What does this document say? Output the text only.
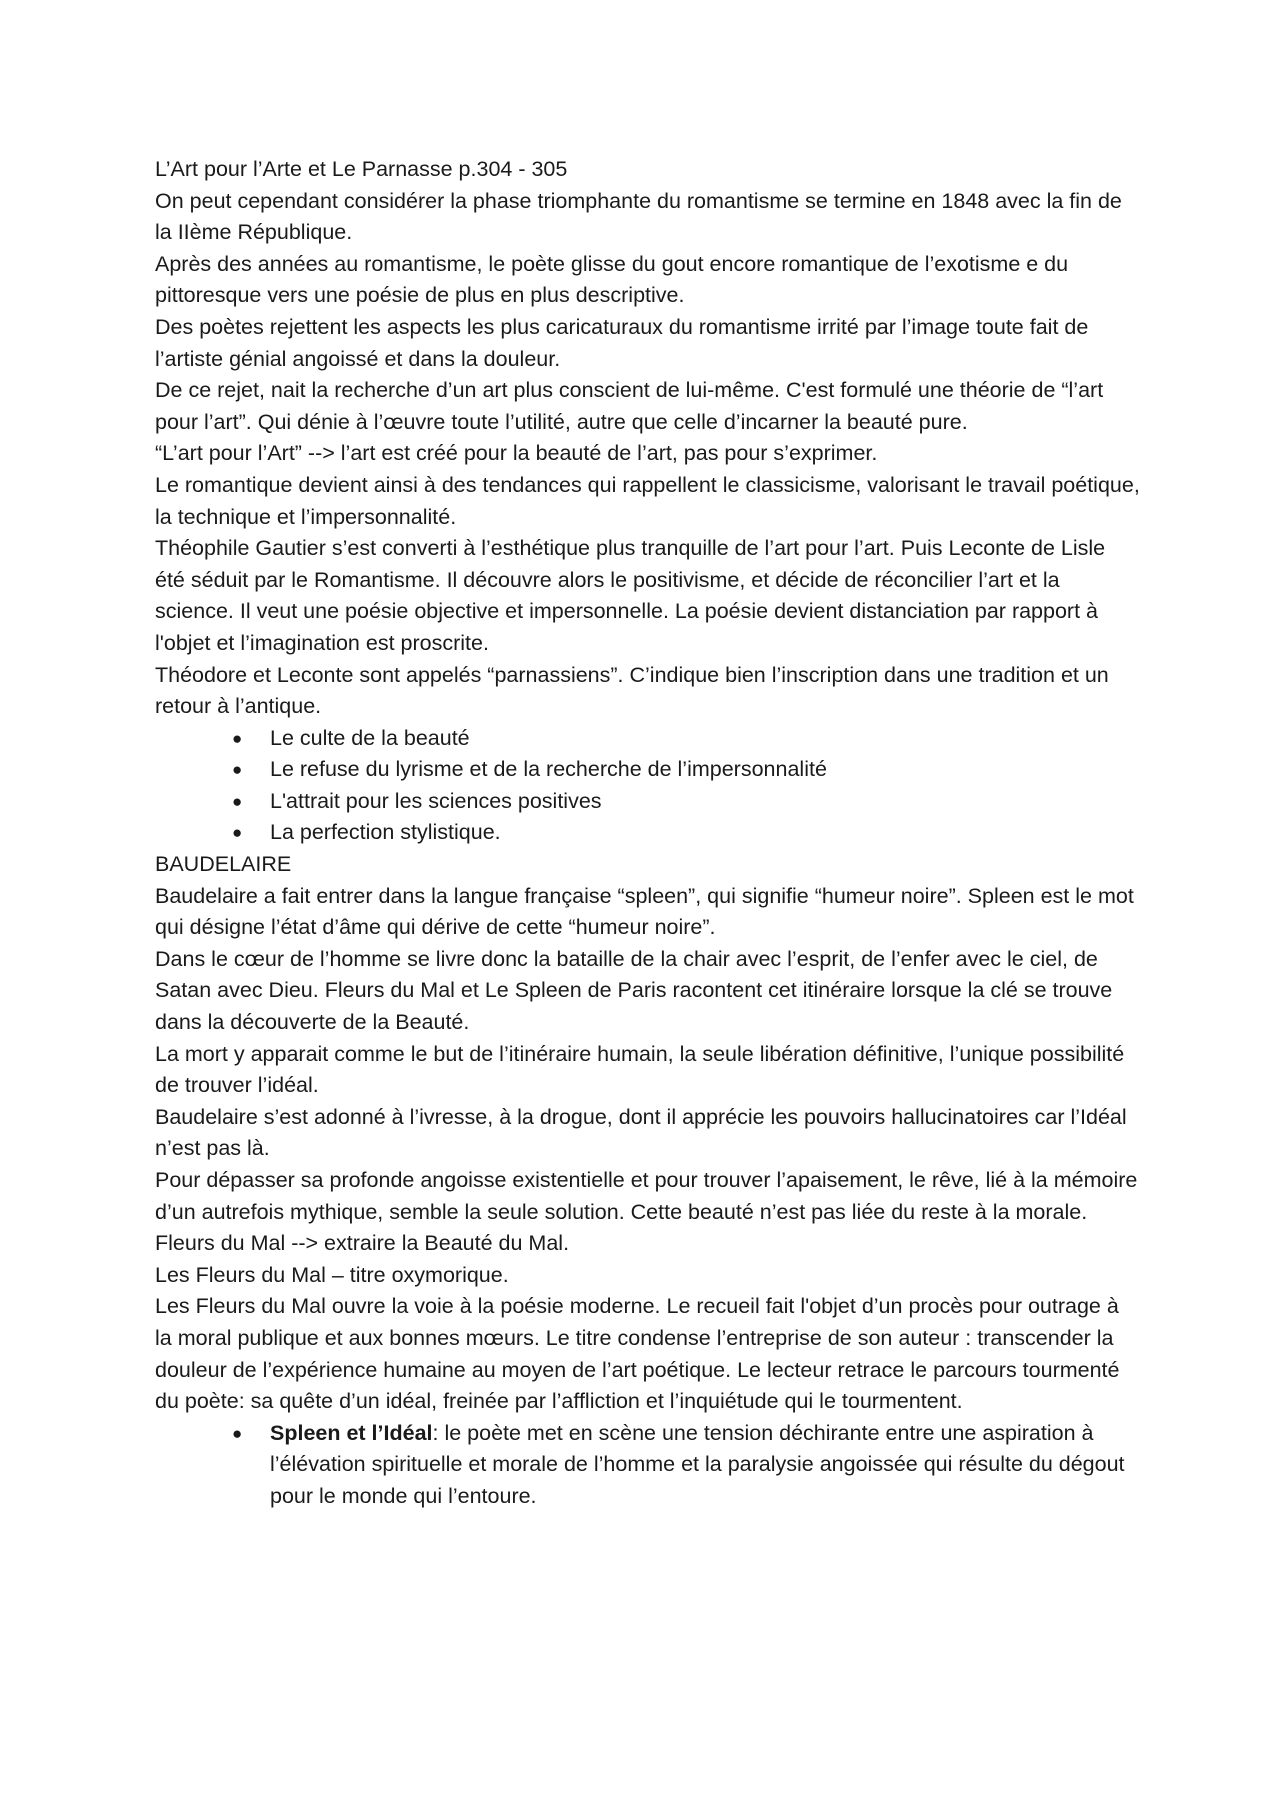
L’Art pour l’Arte et Le Parnasse p.304 - 305

On peut cependant considérer la phase triomphante du romantisme se termine en 1848 avec la fin de la IIème République.

Après des années au romantisme, le poète glisse du gout encore romantique de l’exotisme e du pittoresque vers une poésie de plus en plus descriptive.

Des poètes rejettent les aspects les plus caricaturaux du romantisme irrité par l’image toute fait de l’artiste génial angoissé et dans la douleur.

De ce rejet, nait la recherche d’un art plus conscient de lui-même. C'est formulé une théorie de “l’art pour l’art”. Qui dénie à l’œuvre toute l’utilité, autre que celle d’incarner la beauté pure.

“L’art pour l’Art” --> l’art est créé pour la beauté de l’art, pas pour s’exprimer.

Le romantique devient ainsi à des tendances qui rappellent le classicisme, valorisant le travail poétique, la technique et l’impersonnalité.

Théophile Gautier s’est converti à l’esthétique plus tranquille de l’art pour l’art. Puis Leconte de Lisle  été séduit par le Romantisme. Il découvre alors le positivisme, et décide de réconcilier l’art et la science. Il veut une poésie objective et impersonnelle. La poésie devient distanciation par rapport à l'objet et l’imagination est proscrite.

Théodore et Leconte sont appelés “parnassiens”. C’indique bien l’inscription dans une tradition et un retour à l’antique.

● Le culte de la beauté
● Le refuse du lyrisme et de la recherche de l’impersonnalité
● L'attrait pour les sciences positives
● La perfection stylistique.

BAUDELAIRE

Baudelaire a fait entrer dans la langue française “spleen”, qui signifie “humeur noire”. Spleen est le mot qui désigne l’état d’âme qui dérive de cette “humeur noire”.

Dans le cœur de l’homme se livre donc la bataille de la chair avec l’esprit, de l’enfer avec le ciel, de Satan avec Dieu. Fleurs du Mal et Le Spleen de Paris racontent cet itinéraire lorsque la clé se trouve dans la découverte de la Beauté.

La mort y apparait comme le but de l’itinéraire humain, la seule libération définitive, l’unique possibilité de trouver l’idéal.

Baudelaire s’est adonné à l’ivresse, à la drogue, dont il apprécie les pouvoirs hallucinatoires car l’Idéal n’est pas là.

Pour dépasser sa profonde angoisse existentielle et pour trouver l’apaisement, le rêve, lié à la mémoire d’un autrefois mythique, semble la seule solution. Cette beauté n’est pas liée du reste à la morale.

Fleurs du Mal --> extraire la Beauté du Mal.

Les Fleurs du Mal – titre oxymorique.

Les Fleurs du Mal ouvre la voie à la poésie moderne. Le recueil fait l'objet d’un procès pour outrage à la moral publique et aux bonnes mœurs. Le titre condense l’entreprise de son auteur : transcender la douleur de l’expérience humaine au moyen de l’art poétique. Le lecteur retrace le parcours tourmenté du poète: sa quête d’un idéal, freinée par l’affliction et l’inquiétude qui le tourmentent.

● Spleen et l’Idéal: le poète met en scène une tension déchirante entre une aspiration à l’élévation spirituelle et morale de l’homme et la paralysie angoissée qui résulte du dégout pour le monde qui l’entoure.
